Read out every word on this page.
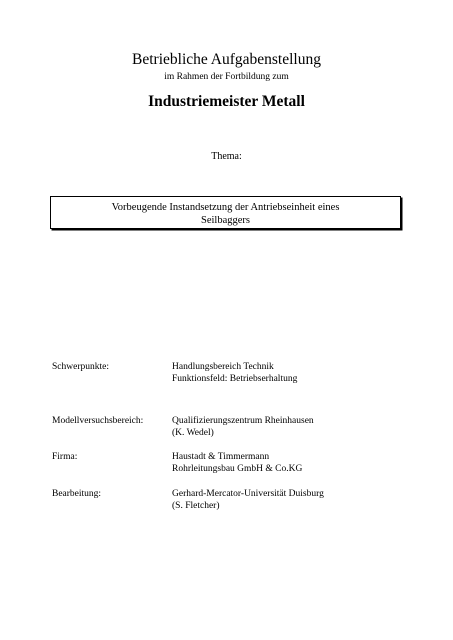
Betriebliche Aufgabenstellung
im Rahmen der Fortbildung zum
Industriemeister Metall
Thema:
Vorbeugende Instandsetzung der Antriebseinheit eines
Seilbaggers
Schwerpunkte:	Handlungsbereich Technik
Funktionsfeld: Betriebserhaltung
Modellversuchsbereich:	Qualifizierungszentrum Rheinhausen
(K. Wedel)
Firma:	Haustadt & Timmermann
Rohrleitungsbau GmbH & Co.KG
Bearbeitung:	Gerhard-Mercator-Universität Duisburg
(S. Fletcher)
